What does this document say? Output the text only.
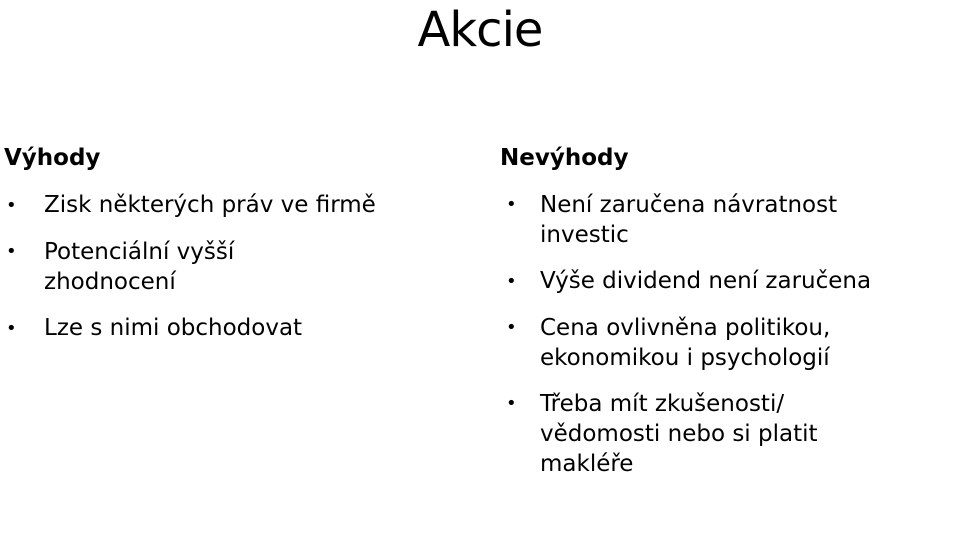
Akcie
Výhody
• Zisk některých práv ve firmě
• Potenciální vyšší zhodnocení
• Lze s nimi obchodovat
Nevýhody
• Není zaručena návratnost investic
• Výše dividend není zaručena
• Cena ovlivněna politikou, ekonomikou i psychologií
• Třeba mít zkušenosti/ vědomosti nebo si platit makléře
